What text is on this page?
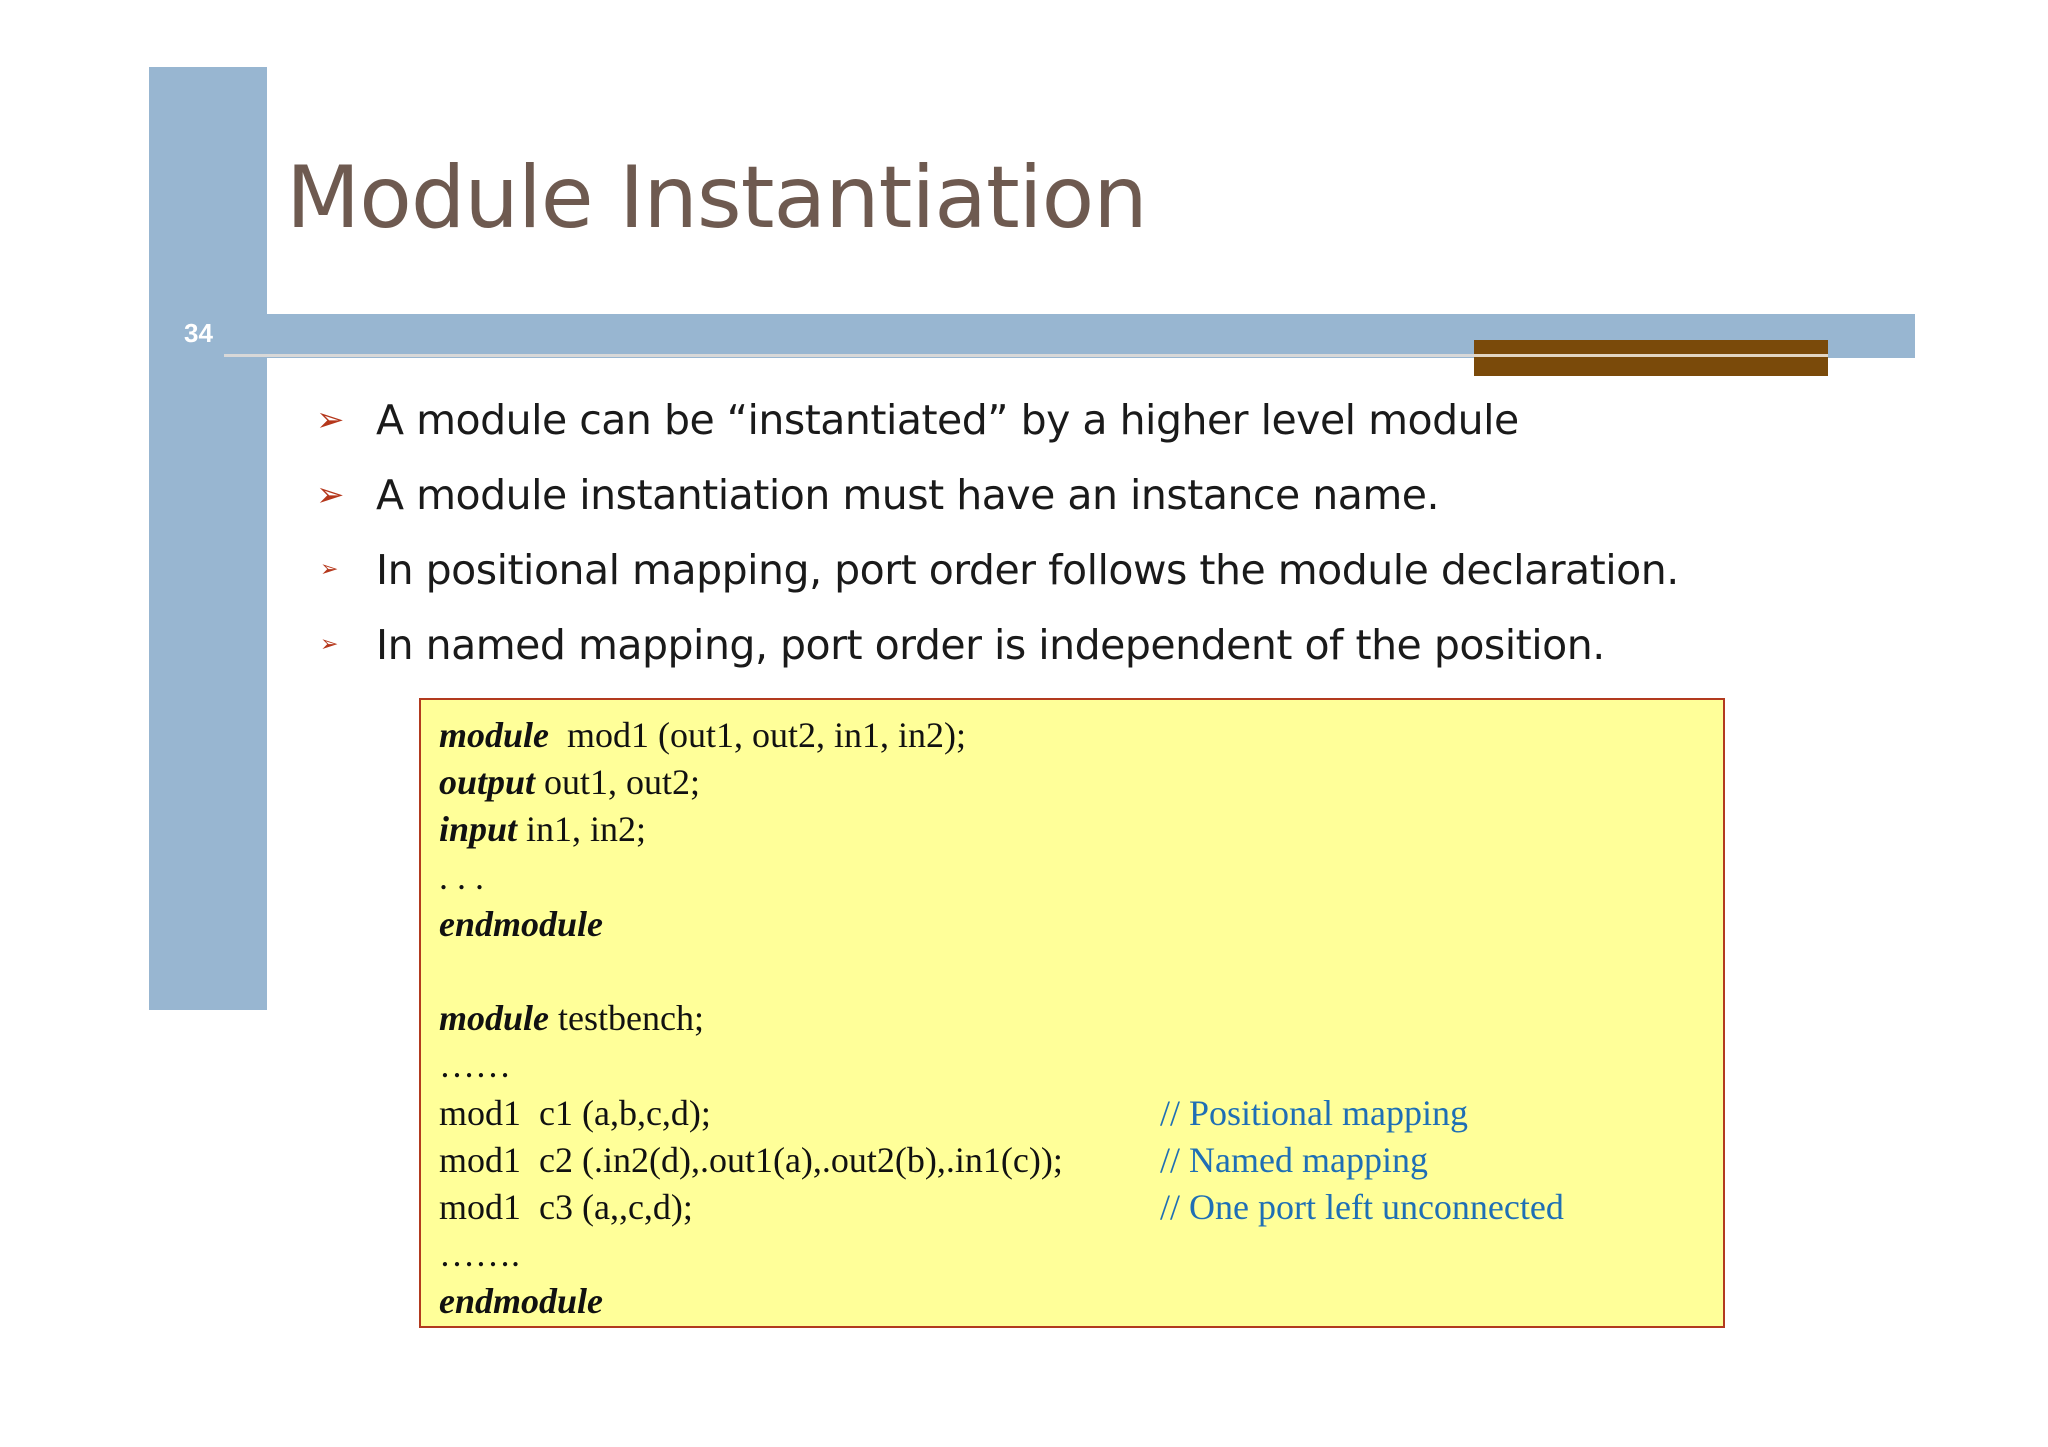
34
Module Instantiation
➢ A module can be “instantiated” by a higher level module
➢ A module instantiation must have an instance name.
➢ In positional mapping, port order follows the module declaration.
➢ In named mapping, port order is independent of the position.
module  mod1 (out1, out2, in1, in2);
output out1, out2;
input in1, in2;
. . .
endmodule
module testbench;
……
mod1  c1 (a,b,c,d);	// Positional mapping
mod1  c2 (.in2(d),.out1(a),.out2(b),.in1(c));	// Named mapping
mod1  c3 (a,,c,d);	// One port left unconnected
…….
endmodule
